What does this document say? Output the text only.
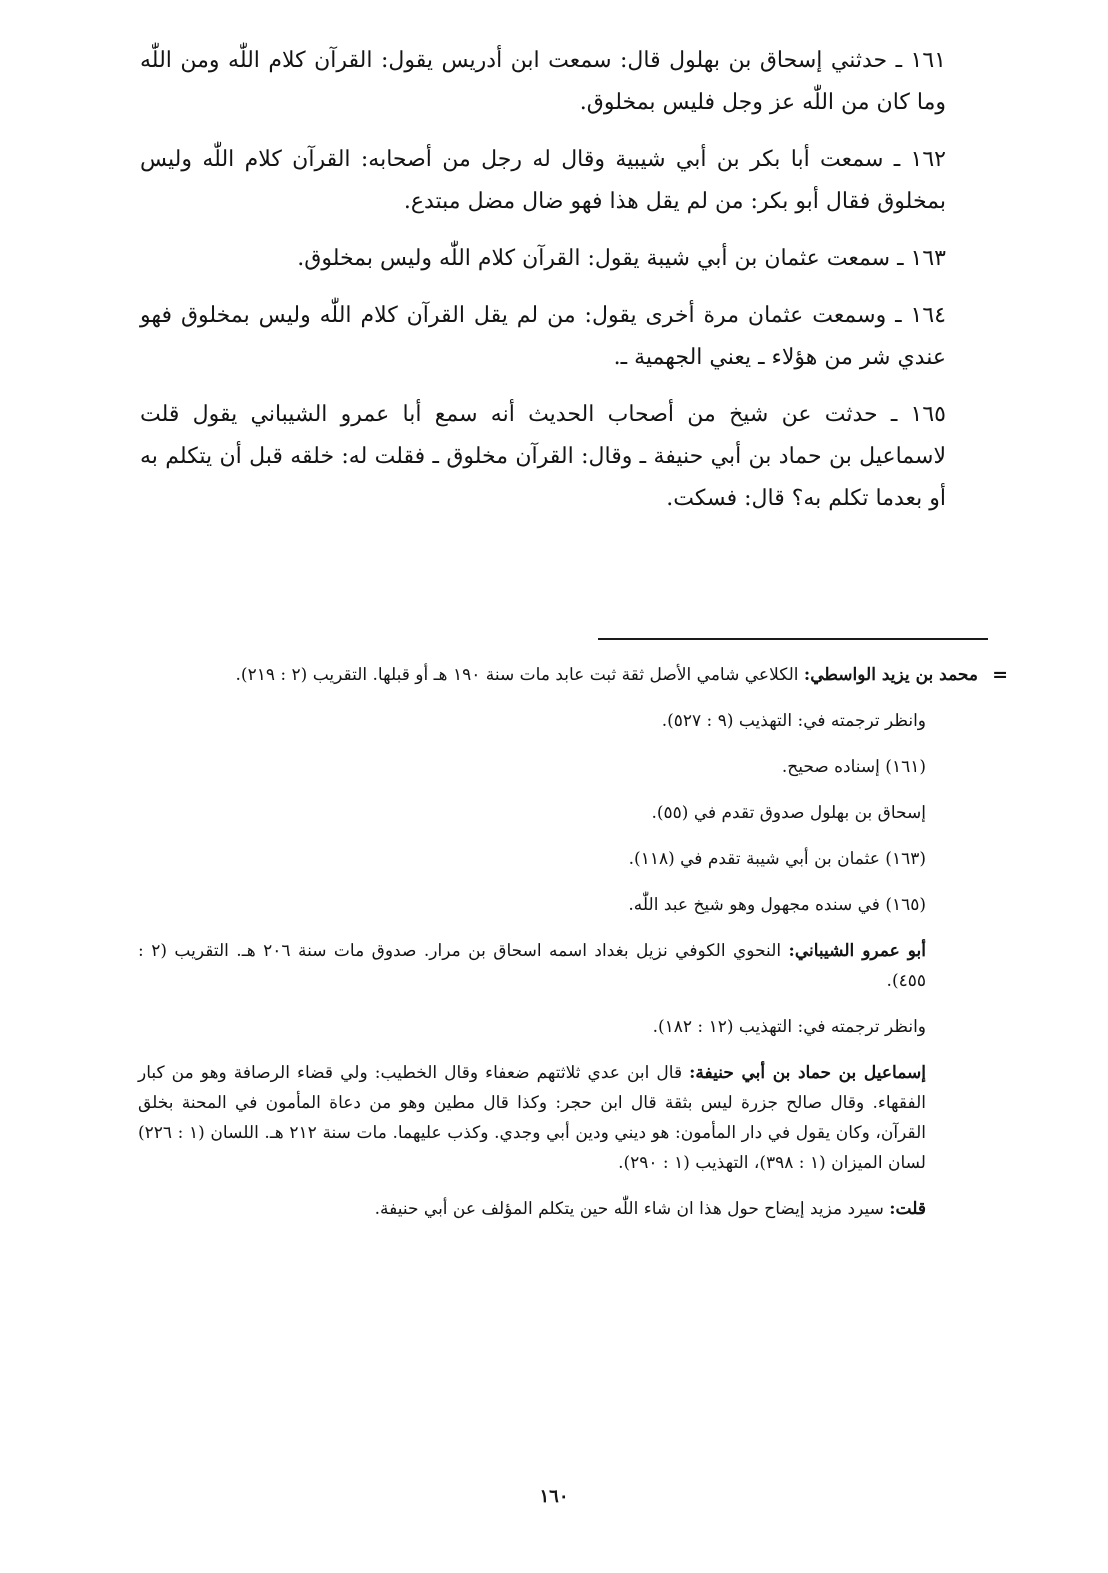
١٦١ ـ حدثني إسحاق بن بهلول قال: سمعت ابن أدريس يقول: القرآن كلام اللّٰه ومن اللّٰه وما كان من اللّٰه عز وجل فليس بمخلوق.

١٦٢ ـ سمعت أبا بكر بن أبي شيبية وقال له رجل من أصحابه: القرآن كلام اللّٰه وليس بمخلوق فقال أبو بكر: من لم يقل هذا فهو ضال مضل مبتدع.

١٦٣ ـ سمعت عثمان بن أبي شيبة يقول: القرآن كلام اللّٰه وليس بمخلوق.

١٦٤ ـ وسمعت عثمان مرة أخرى يقول: من لم يقل القرآن كلام اللّٰه وليس بمخلوق فهو عندي شر من هؤلاء ـ يعني الجهمية ـ.

١٦٥ ـ حدثت عن شيخ من أصحاب الحديث أنه سمع أبا عمرو الشيباني يقول قلت لاسماعيل بن حماد بن أبي حنيفة ـ وقال: القرآن مخلوق ـ فقلت له: خلقه قبل أن يتكلم به أو بعدما تكلم به؟ قال: فسكت.

=
محمد بن يزيد الواسطي: الكلاعي شامي الأصل ثقة ثبت عابد مات سنة ١٩٠ هـ أو قبلها. التقريب (٢ : ٢١٩).

وانظر ترجمته في: التهذيب (٩ : ٥٢٧).

(١٦١) إسناده صحيح.

إسحاق بن بهلول صدوق تقدم في (٥٥).

(١٦٣) عثمان بن أبي شيبة تقدم في (١١٨).

(١٦٥) في سنده مجهول وهو شيخ عبد اللّٰه.

أبو عمرو الشيباني: النحوي الكوفي نزيل بغداد اسمه اسحاق بن مرار. صدوق مات سنة ٢٠٦ هـ. التقريب (٢ : ٤٥٥).

وانظر ترجمته في: التهذيب (١٢ : ١٨٢).

إسماعيل بن حماد بن أبي حنيفة: قال ابن عدي ثلاثتهم ضعفاء وقال الخطيب: ولي قضاء الرصافة وهو من كبار الفقهاء. وقال صالح جزرة ليس بثقة قال ابن حجر: وكذا قال مطين وهو من دعاة المأمون في المحنة بخلق القرآن، وكان يقول في دار المأمون: هو ديني ودين أبي وجدي. وكذب عليهما. مات سنة ٢١٢ هـ. اللسان (١ : ٢٢٦) لسان الميزان (١ : ٣٩٨)، التهذيب (١ : ٢٩٠).

قلت: سيرد مزيد إيضاح حول هذا ان شاء اللّٰه حين يتكلم المؤلف عن أبي حنيفة.

١٦٠
